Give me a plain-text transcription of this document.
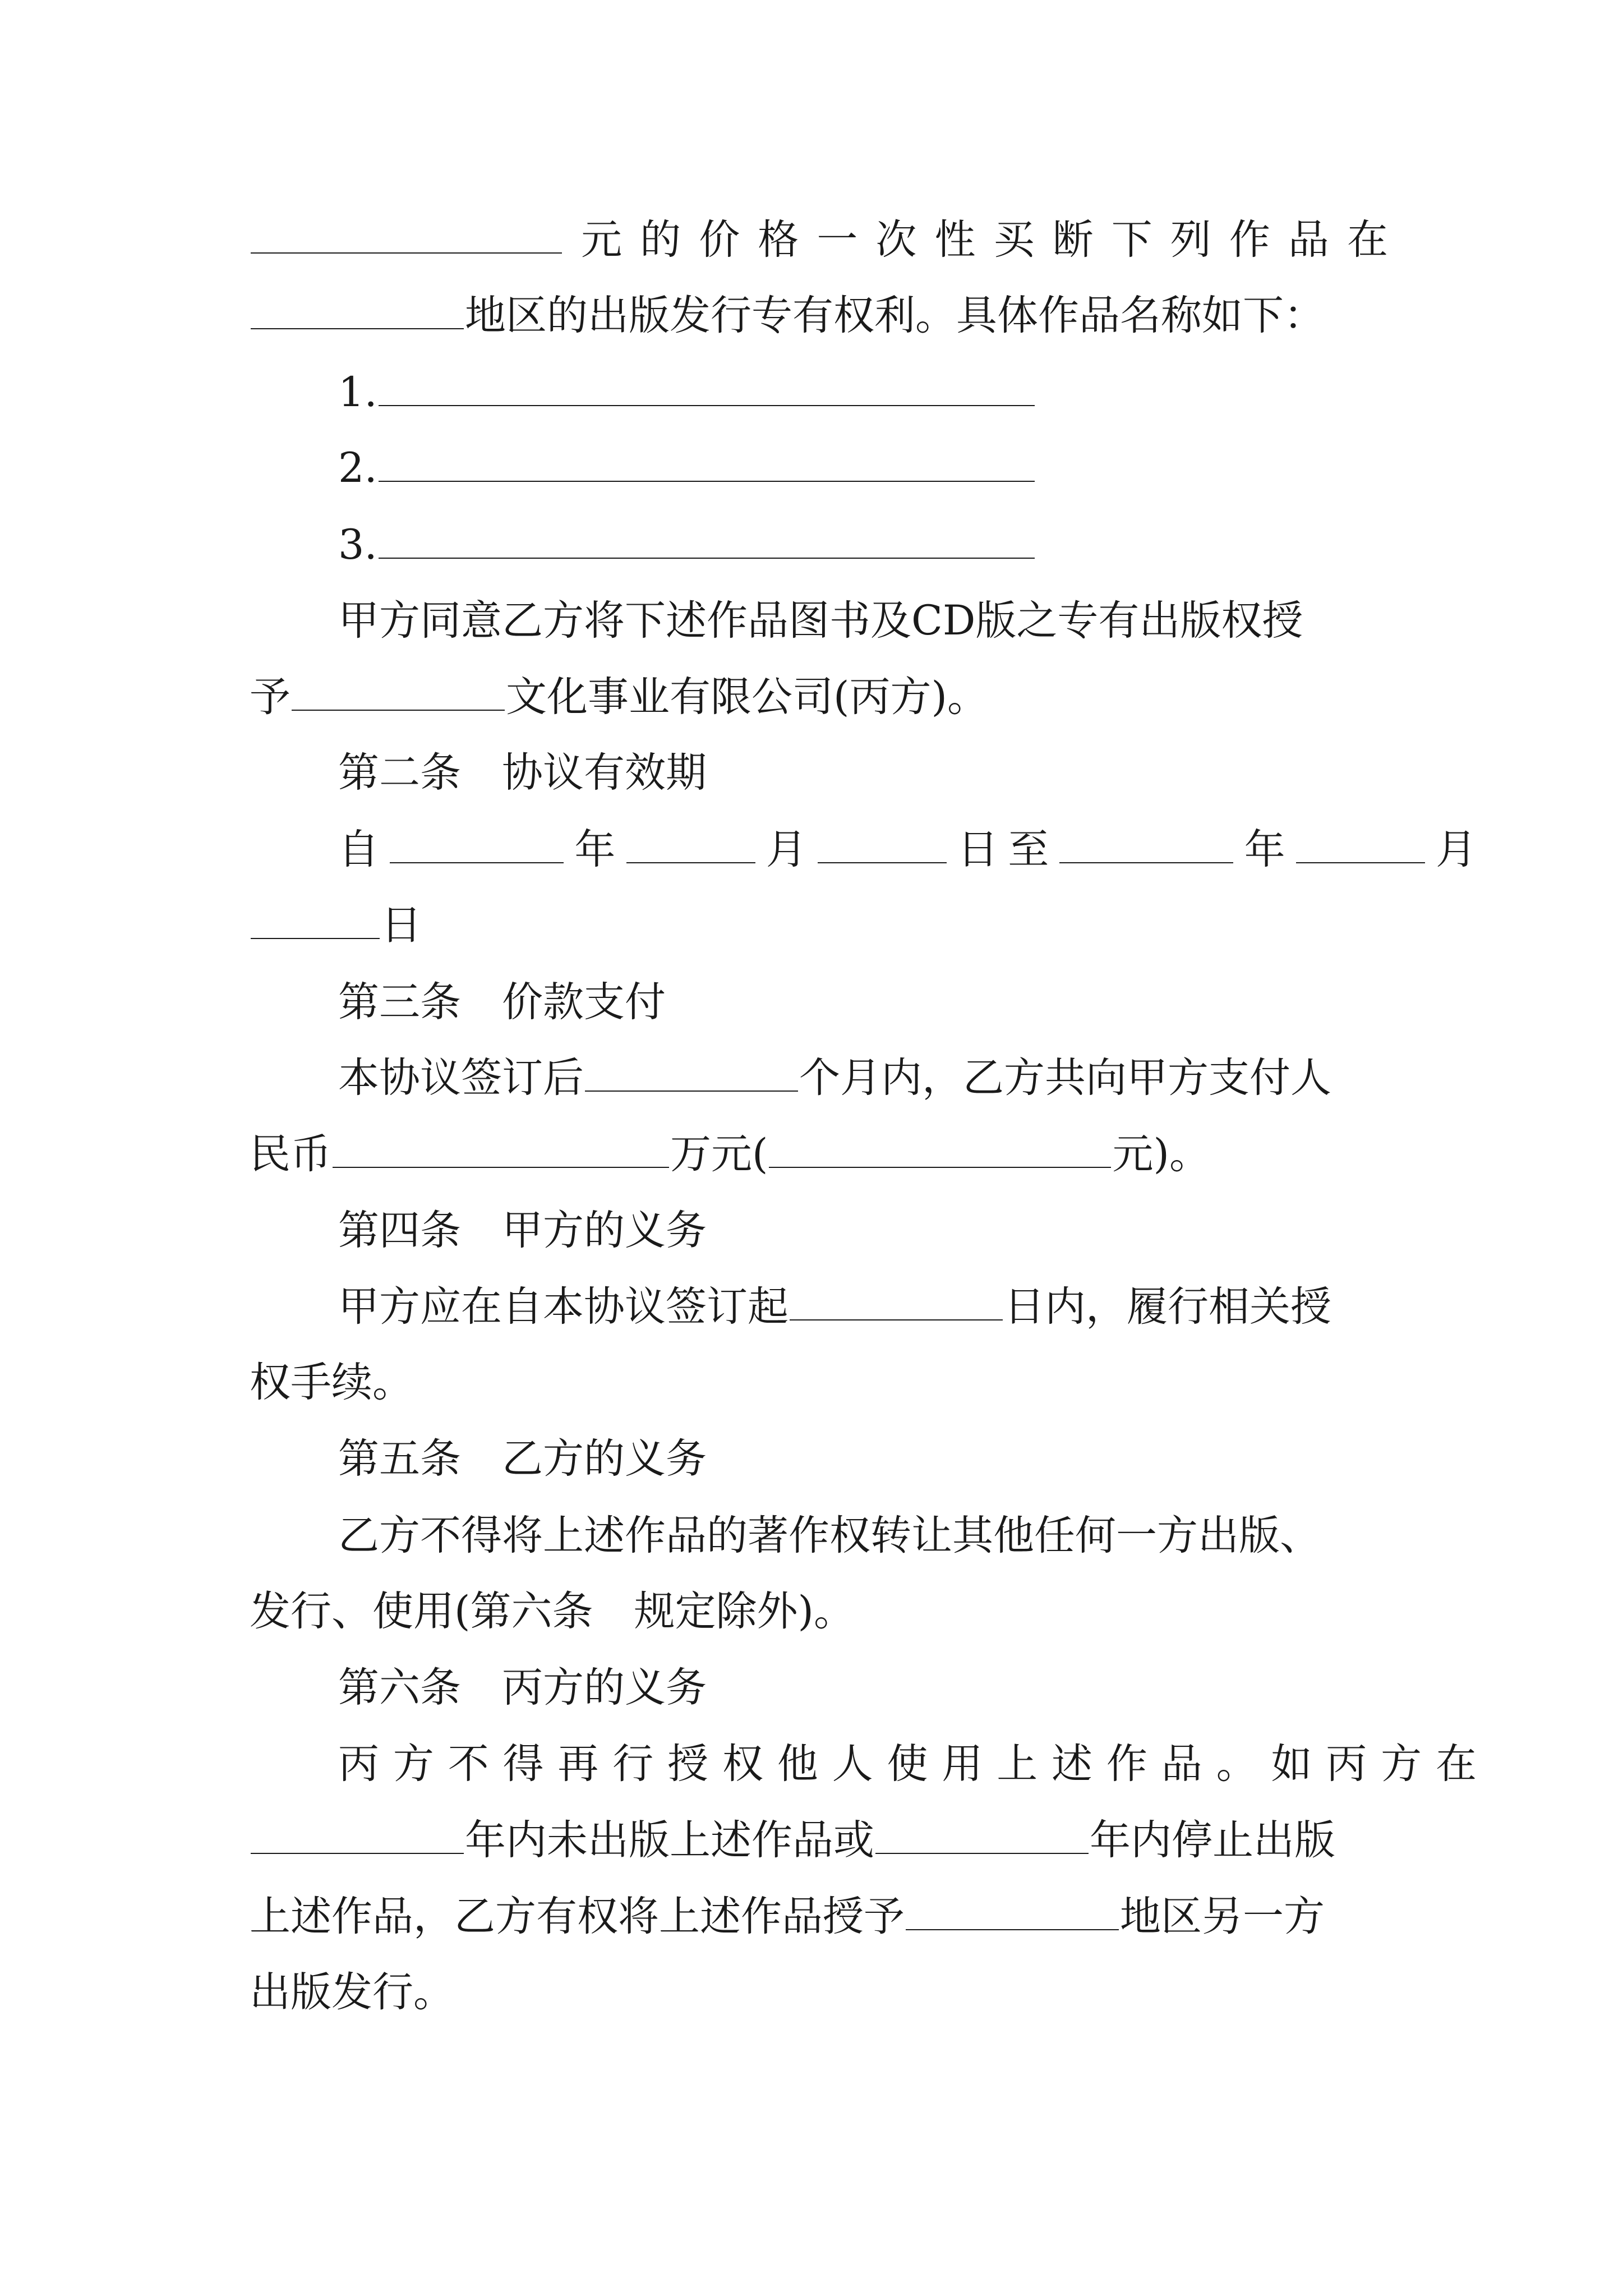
元的价格一次性买断下列作品在
地区的出版发行专有权利。具体作品名称如下：
1.
2.
3.
甲方同意乙方将下述作品图书及CD版之专有出版权授
予	文化事业有限公司(丙方)。
第二条　协议有效期
自	年	月	日至	年	月
日
第三条　价款支付
本协议签订后	个月内，乙方共向甲方支付人
民币	万元(	元)。
第四条　甲方的义务
甲方应在自本协议签订起	日内，履行相关授
权手续。
第五条　乙方的义务
乙方不得将上述作品的著作权转让其他任何一方出版、
发行、使用(第六条　规定除外)。
第六条　丙方的义务
丙方不得再行授权他人使用上述作品。如丙方在
年内未出版上述作品或	年内停止出版
上述作品，乙方有权将上述作品授予	地区另一方
出版发行。
